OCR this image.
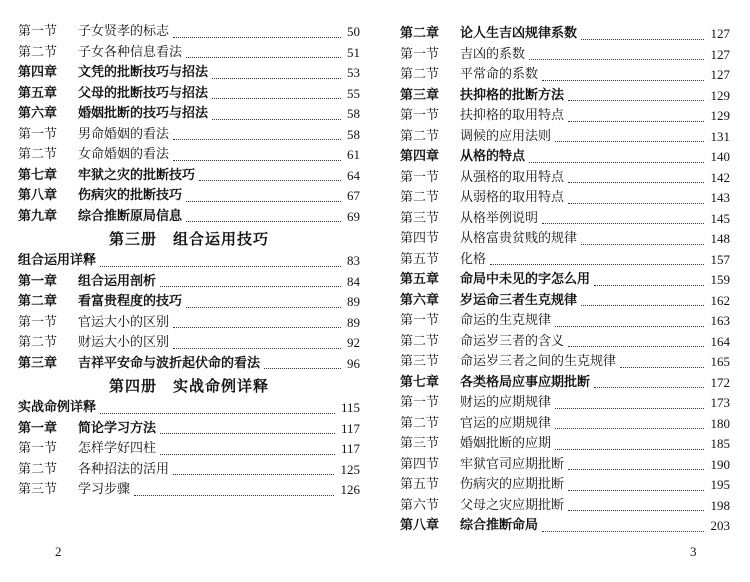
第一节 子女贤孝的标志	50
第二节 子女各种信息看法	51
第四章 文凭的批断技巧与招法	53
第五章 父母的批断技巧与招法	55
第六章 婚姻批断的技巧与招法	58
第一节 男命婚姻的看法	58
第二节 女命婚姻的看法	61
第七章 牢狱之灾的批断技巧	64
第八章 伤病灾的批断技巧	67
第九章 综合推断原局信息	69
第三册　组合运用技巧
组合运用详释	83
第一章 组合运用剖析	84
第二章 看富贵程度的技巧	89
第一节 官运大小的区别	89
第二节 财运大小的区别	92
第三章 吉祥平安命与波折起伏命的看法	96
第四册　实战命例详释
实战命例详释	115
第一章 简论学习方法	117
第一节 怎样学好四柱	117
第二节 各种招法的活用	125
第三节 学习步骤	126
2
第二章 论人生吉凶规律系数	127
第一节 吉凶的系数	127
第二节 平常命的系数	127
第三章 扶抑格的批断方法	129
第一节 扶抑格的取用特点	129
第二节 调候的应用法则	131
第四章 从格的特点	140
第一节 从强格的取用特点	142
第二节 从弱格的取用特点	143
第三节 从格举例说明	145
第四节 从格富贵贫贱的规律	148
第五节 化格	157
第五章 命局中未见的字怎么用	159
第六章 岁运命三者生克规律	162
第一节 命运的生克规律	163
第二节 命运岁三者的含义	164
第三节 命运岁三者之间的生克规律	165
第七章 各类格局应事应期批断	172
第一节 财运的应期规律	173
第二节 官运的应期规律	180
第三节 婚姻批断的应期	185
第四节 牢狱官司应期批断	190
第五节 伤病灾的应期批断	195
第六节 父母之灾应期批断	198
第八章 综合推断命局	203
3
